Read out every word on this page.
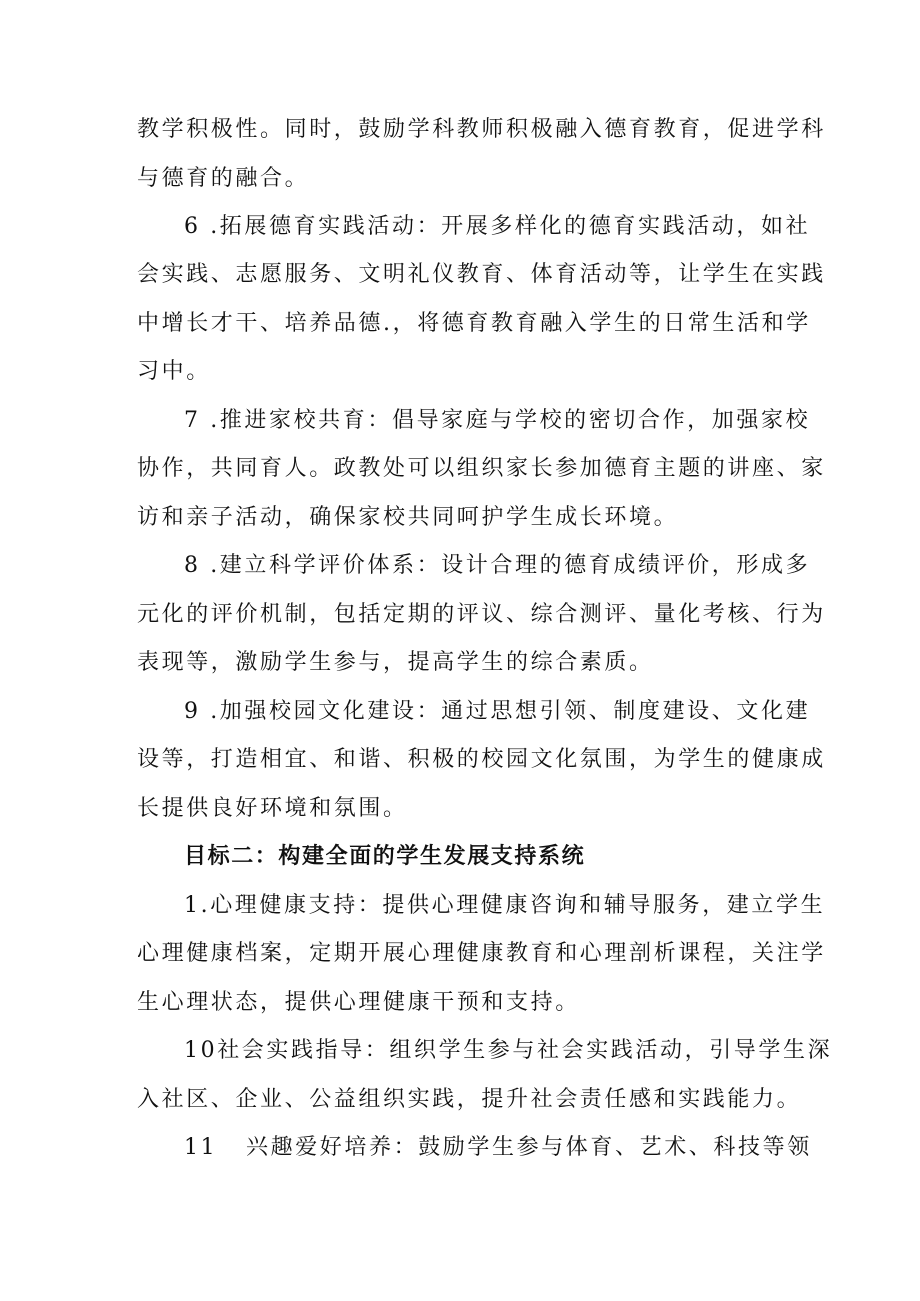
教学积极性。同时，鼓励学科教师积极融入德育教育，促进学科
与德育的融合。
6 .拓展德育实践活动：开展多样化的德育实践活动，如社
会实践、志愿服务、文明礼仪教育、体育活动等，让学生在实践
中增长才干、培养品德.，将德育教育融入学生的日常生活和学
习中。
7 .推进家校共育：倡导家庭与学校的密切合作，加强家校
协作，共同育人。政教处可以组织家长参加德育主题的讲座、家
访和亲子活动，确保家校共同呵护学生成长环境。
8 .建立科学评价体系：设计合理的德育成绩评价，形成多
元化的评价机制，包括定期的评议、综合测评、量化考核、行为
表现等，激励学生参与，提高学生的综合素质。
9 .加强校园文化建设：通过思想引领、制度建设、文化建
设等，打造相宜、和谐、积极的校园文化氛围，为学生的健康成
长提供良好环境和氛围。
目标二：构建全面的学生发展支持系统
1.心理健康支持：提供心理健康咨询和辅导服务，建立学生
心理健康档案，定期开展心理健康教育和心理剖析课程，关注学
生心理状态，提供心理健康干预和支持。
10社会实践指导：组织学生参与社会实践活动，引导学生深
入社区、企业、公益组织实践，提升社会责任感和实践能力。
11 兴趣爱好培养：鼓励学生参与体育、艺术、科技等领
